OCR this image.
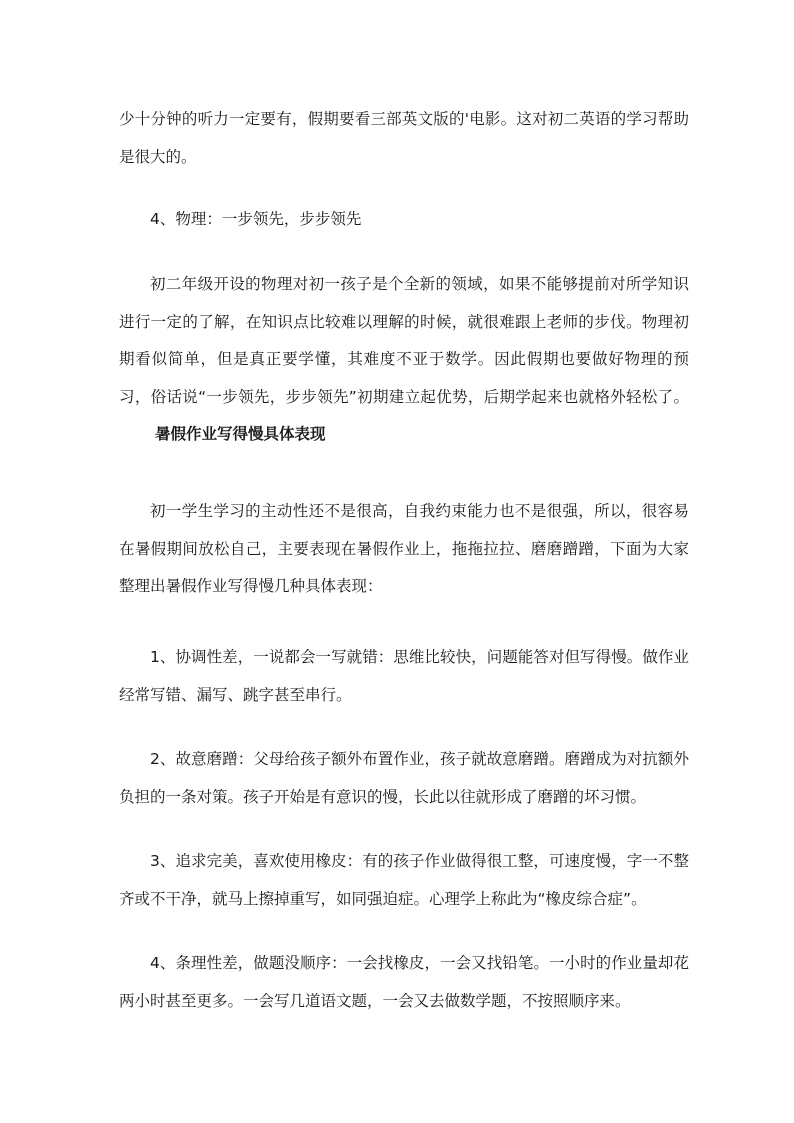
少十分钟的听力一定要有，假期要看三部英文版的'电影。这对初二英语的学习帮助是很大的。

4、物理：一步领先，步步领先

初二年级开设的物理对初一孩子是个全新的领域，如果不能够提前对所学知识进行一定的了解，在知识点比较难以理解的时候，就很难跟上老师的步伐。物理初期看似简单，但是真正要学懂，其难度不亚于数学。因此假期也要做好物理的预习，俗话说“一步领先，步步领先”初期建立起优势，后期学起来也就格外轻松了。暑假作业写得慢具体表现

初一学生学习的主动性还不是很高，自我约束能力也不是很强，所以，很容易在暑假期间放松自己，主要表现在暑假作业上，拖拖拉拉、磨磨蹭蹭，下面为大家整理出暑假作业写得慢几种具体表现：

1、协调性差，一说都会一写就错：思维比较快，问题能答对但写得慢。做作业经常写错、漏写、跳字甚至串行。

2、故意磨蹭：父母给孩子额外布置作业，孩子就故意磨蹭。磨蹭成为对抗额外负担的一条对策。孩子开始是有意识的慢，长此以往就形成了磨蹭的坏习惯。

3、追求完美，喜欢使用橡皮：有的孩子作业做得很工整，可速度慢，字一不整齐或不干净，就马上擦掉重写，如同强迫症。心理学上称此为“橡皮综合症”。

4、条理性差，做题没顺序：一会找橡皮，一会又找铅笔。一小时的作业量却花两小时甚至更多。一会写几道语文题，一会又去做数学题，不按照顺序来。
